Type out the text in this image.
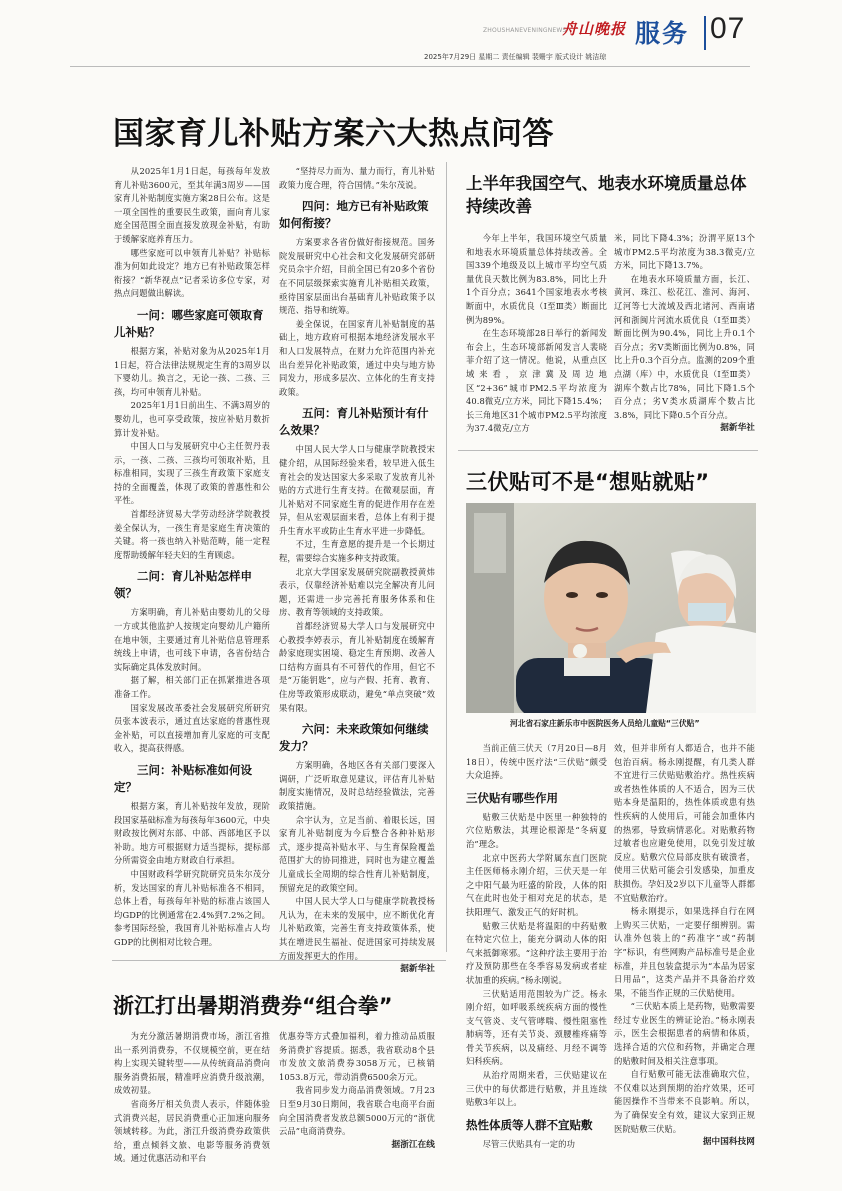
ZHOUSHANEVENINGNEWS
舟山晚报 服务 07
2025年7月29日 星期二 责任编辑 裴姗宇 版式设计 姚洁琼
国家育儿补贴方案六大热点问答

从2025年1月1日起，每孩每年发放育儿补贴3600元，至其年满3周岁——国家育儿补贴制度实施方案28日公布。这是一项全国性的重要民生政策，面向育儿家庭全国范围全面直接发放现金补贴，有助于缓解家庭养育压力。

哪些家庭可以申领育儿补贴？补贴标准为何如此设定？地方已有补贴政策怎样衔接？“新华视点”记者采访多位专家，对热点问题做出解读。

一问：哪些家庭可领取育儿补贴？

根据方案，补贴对象为从2025年1月1日起，符合法律法规规定生育的3周岁以下婴幼儿。换言之，无论一孩、二孩、三孩，均可申领育儿补贴。

2025年1月1日前出生、不满3周岁的婴幼儿，也可享受政策，按应补贴月数折算计发补贴。

中国人口与发展研究中心主任贺丹表示，一孩、二孩、三孩均可领取补贴，且标准相同，实现了三孩生育政策下家庭支持的全面覆盖，体现了政策的普惠性和公平性。

首都经济贸易大学劳动经济学院教授姜全保认为，一孩生育是家庭生育决策的关键。将一孩也纳入补贴范畴，能一定程度帮助缓解年轻夫妇的生育顾虑。

二问：育儿补贴怎样申领？

方案明确，育儿补贴由婴幼儿的父母一方或其他监护人按规定向婴幼儿户籍所在地申领，主要通过育儿补贴信息管理系统线上申请，也可线下申请，各省份结合实际确定具体发放时间。

据了解，相关部门正在抓紧推进各项准备工作。

国家发展改革委社会发展研究所研究员张本波表示，通过直达家庭的普惠性现金补贴，可以直接增加育儿家庭的可支配收入，提高获得感。

三问：补贴标准如何设定？

根据方案，育儿补贴按年发放，现阶段国家基础标准为每孩每年3600元，中央财政按比例对东部、中部、西部地区予以补助。地方可根据财力适当提标，提标部分所需资金由地方财政自行承担。

中国财政科学研究院研究员朱尔茂分析，发达国家的育儿补贴标准各不相同，总体上看，每孩每年补贴的标准占该国人均GDP的比例通常在2.4%到7.2%之间。参考国际经验，我国育儿补贴标准占人均GDP的比例相对比较合理。

“坚持尽力而为、量力而行，育儿补贴政策力度合理，符合国情。”朱尔茂说。

四问：地方已有补贴政策如何衔接？

方案要求各省份做好衔接规范。国务院发展研究中心社会和文化发展研究部研究员佘宇介绍，目前全国已有20多个省份在不同层级探索实施育儿补贴相关政策，亟待国家层面出台基础育儿补贴政策予以规范、指导和统筹。

姜全保说，在国家育儿补贴制度的基础上，地方政府可根据本地经济发展水平和人口发展特点，在财力允许范围内补充出台差异化补贴政策，通过中央与地方协同发力，形成多层次、立体化的生育支持政策。

五问：育儿补贴预计有什么效果？

中国人民大学人口与健康学院教授宋健介绍，从国际经验来看，较早进入低生育社会的发达国家大多采取了发放育儿补贴的方式进行生育支持。在微观层面，育儿补贴对不同家庭生育的促进作用存在差异，但从宏观层面来看，总体上有利于提升生育水平或防止生育水平进一步降低。

不过，生育意愿的提升是一个长期过程，需要综合实施多种支持政策。

北京大学国家发展研究院副教授黄炜表示，仅靠经济补贴难以完全解决育儿问题，还需进一步完善托育服务体系和住房、教育等领域的支持政策。

首都经济贸易大学人口与发展研究中心教授李婷表示，育儿补贴制度在缓解育龄家庭现实困境、稳定生育预期、改善人口结构方面具有不可替代的作用，但它不是“万能钥匙”，应与产假、托育、教育、住房等政策形成联动，避免“单点突破”效果有限。

六问：未来政策如何继续发力？

方案明确，各地区各有关部门要深入调研，广泛听取意见建议，评估育儿补贴制度实施情况，及时总结经验做法，完善政策措施。

佘宇认为，立足当前、着眼长远，国家育儿补贴制度为今后整合各种补贴形式，逐步提高补贴水平、与生育保险覆盖范围扩大的协同推进，同时也为建立覆盖儿童成长全周期的综合性育儿补贴制度，预留充足的政策空间。

中国人民大学人口与健康学院教授杨凡认为，在未来的发展中，应不断优化育儿补贴政策，完善生育支持政策体系，使其在增进民生福祉、促进国家可持续发展方面发挥更大的作用。

据新华社

上半年我国空气、地表水环境质量总体持续改善

今年上半年，我国环境空气质量和地表水环境质量总体持续改善。全国339个地级及以上城市平均空气质量优良天数比例为83.8%，同比上升1个百分点；3641个国家地表水考核断面中，水质优良（Ⅰ至Ⅲ类）断面比例为89%。

在生态环境部28日举行的新闻发布会上，生态环境部新闻发言人裴晓菲介绍了这一情况。他说，从重点区域来看，京津冀及周边地区“2+36”城市PM2.5平均浓度为40.8微克/立方米，同比下降15.4%；长三角地区31个城市PM2.5平均浓度为37.4微克/立方

米，同比下降4.3%；汾渭平原13个城市PM2.5平均浓度为38.3微克/立方米，同比下降13.7%。

在地表水环境质量方面，长江、黄河、珠江、松花江、淮河、海河、辽河等七大流域及西北诸河、西南诸河和浙闽片河流水质优良（Ⅰ至Ⅲ类）断面比例为90.4%，同比上升0.1个百分点；劣Ⅴ类断面比例为0.8%，同比上升0.3个百分点。监测的209个重点湖（库）中，水质优良（Ⅰ至Ⅲ类）湖库个数占比78%，同比下降1.5个百分点；劣Ⅴ类水质湖库个数占比3.8%，同比下降0.5个百分点。

据新华社

三伏贴可不是“想贴就贴”
河北省石家庄新乐市中医院医务人员给儿童贴“三伏贴”

当前正值三伏天（7月20日—8月18日），传统中医疗法“三伏贴”颇受大众追捧。

三伏贴有哪些作用

贴敷三伏贴是中医里一种独特的穴位贴敷法，其理论根源是“冬病夏治”理念。

北京中医药大学附属东直门医院主任医师杨永刚介绍，三伏天是一年之中阳气最为旺盛的阶段，人体的阳气在此时也处于相对充足的状态，是扶阳理气、激发正气的好时机。

贴敷三伏贴是将温阳的中药贴敷在特定穴位上，能充分调动人体的阳气来抵御寒邪。“这种疗法主要用于治疗及预防那些在冬季容易发病或者症状加重的疾病。”杨永刚说。

三伏贴适用范围较为广泛。杨永刚介绍，如呼吸系统疾病方面的慢性支气管炎、支气管哮喘、慢性阻塞性肺病等，还有关节炎、颈腰椎疼痛等骨关节疾病，以及痛经、月经不调等妇科疾病。

从治疗周期来看，三伏贴建议在三伏中的每伏都进行贴敷，并且连续贴敷3年以上。

热性体质等人群不宜贴敷

尽管三伏贴具有一定的功

效，但并非所有人都适合，也并不能包治百病。杨永刚提醒，有几类人群不宜进行三伏贴贴敷治疗。热性疾病或者热性体质的人不适合，因为三伏贴本身是温阳的，热性体质或患有热性疾病的人使用后，可能会加重体内的热邪，导致病情恶化。对贴敷药物过敏者也应避免使用，以免引发过敏反应。贴敷穴位局部皮肤有破溃者，使用三伏贴可能会引发感染，加重皮肤损伤。孕妇及2岁以下儿童等人群都不宜贴敷治疗。

杨永刚提示，如果选择自行在网上购买三伏贴，一定要仔细辨别。需认准外包装上的“药准字”或“药制字”标识，有些网购产品标准号是企业标准，并且包装盒提示为“本品为居家日用品”，这类产品并不具备治疗效果，不能当作正规的三伏贴使用。

“三伏贴本质上是药物，贴敷需要经过专业医生的辨证论治。”杨永刚表示，医生会根据患者的病情和体质，选择合适的穴位和药物，并确定合理的贴敷时间及相关注意事项。

自行贴敷可能无法准确取穴位，不仅难以达到预期的治疗效果，还可能因操作不当带来不良影响。所以，为了确保安全有效，建议大家到正规医院贴敷三伏贴。

据中国科技网

浙江打出暑期消费券“组合拳”

为充分激活暑期消费市场，浙江省推出一系列消费券，不仅规模空前，更在结构上实现关键转型——从传统商品消费向服务消费拓展，精准呼应消费升级浪潮，成效初显。

省商务厅相关负责人表示，伴随体验式消费兴起，居民消费重心正加速向服务领域转移。为此，浙江升级消费券政策供给，重点倾斜文旅、电影等服务消费领域。通过优惠活动和平台

优惠券等方式叠加福利，着力推动品质服务消费扩容提质。据悉，我省联动8个县市发放文旅消费券3058万元，已核销1053.8万元，带动消费6500余万元。

我省同步发力商品消费领域。7月23日至9月30日期间，我省联合电商平台面向全国消费者发放总额5000万元的“浙优云品”电商消费券。

据浙江在线
